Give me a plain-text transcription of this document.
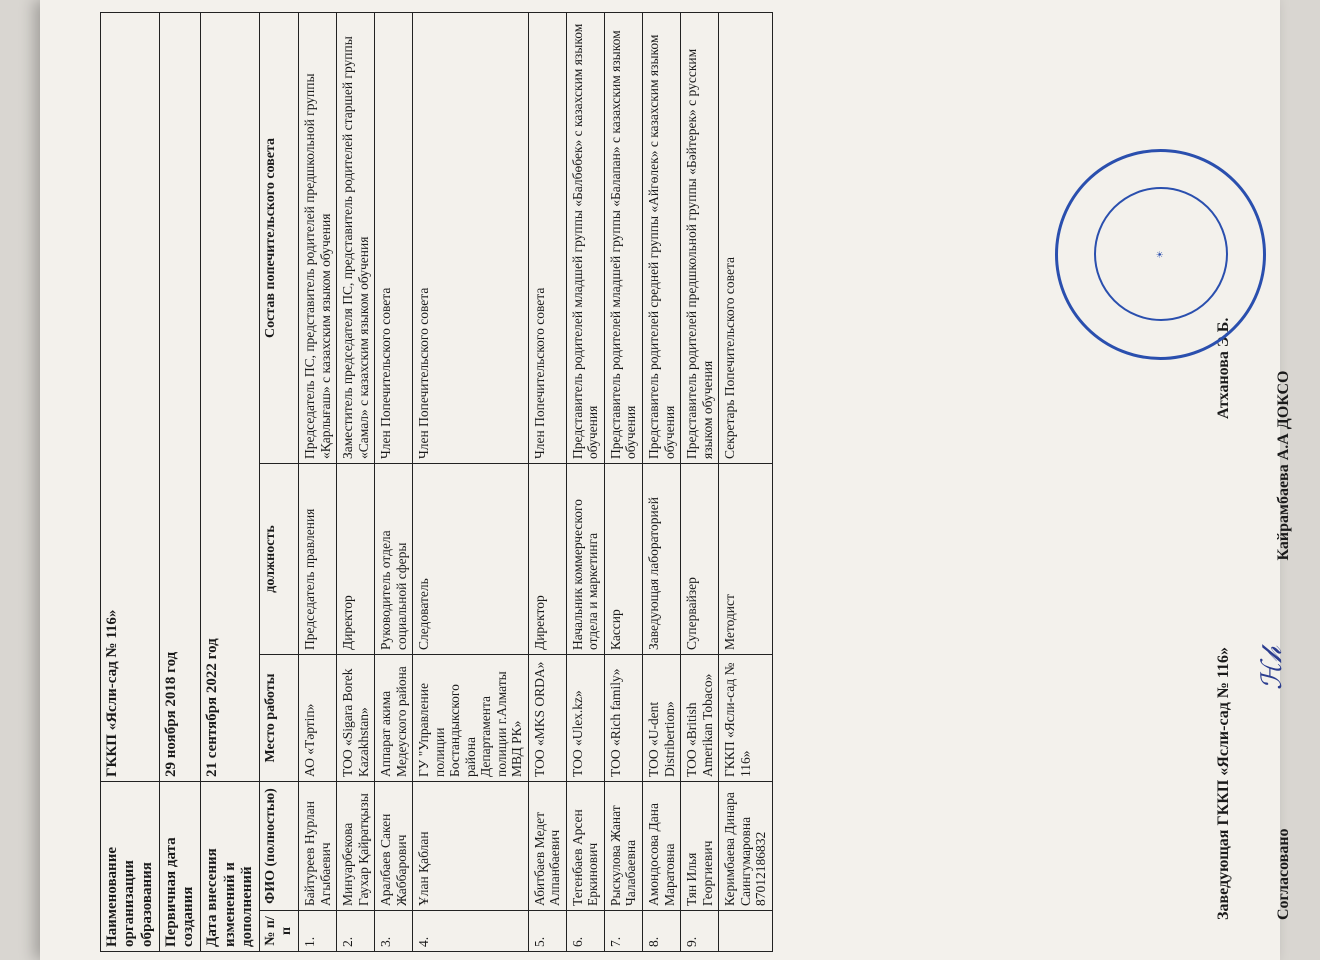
Наименование организации образования		ГККП «Ясли-сад № 116»		
Первичная дата создания		29 ноября 2018 год		
Дата внесения изменений и дополнений		21 сентября 2022 год		
№ п/п	ФИО (полностью)	Место работы	должность	Состав попечительского совета
1.	Байтуреев Нурлан Агыбаевич	АО «Тәртіп»	Председатель правления	Председатель ПС, представитель родителей предшкольной группы «Қарлығаш» с казахским языком обучения
2.	Минуарбекова Гаухар Қайратқызы	ТОО «Sigara Borek Kazakhstan»	Директор	Заместитель председателя ПС, представитель родителей старшей группы «Самал» с казахским языком обучения
3.	Аралбаев Сакен Жаббарович	Аппарат акима Медеуского района	Руководитель отдела социальной сферы	Член Попечительского совета
4.	Ұлан Қаблан	ГУ "Управление полиции Бостандыкского района Департамента полиции г.Алматы МВД РК»	Следователь	Член Попечительского совета
5.	Абитбаев Медет Алпанбаевич	ТОО «MKS ORDA»	Директор	Член Попечительского совета
6.	Тегенбаев Арсен Еркинович	ТОО «Ulex.kz»	Начальник коммерческого отдела и маркетинга	Представитель родителей младшей группы «Балбөбек» с казахским языком обучения
7.	Рыскулова Жанат Чалабаевна	ТОО «Rich family»	Кассир	Представитель родителей младшей группы «Балапан» с казахским языком обучения
8.	Амондосова Дана Маратовна	ТОО «U-dent Distribertion»	Заведующая лабораторией	Представитель родителей средней группы «Айгөлек» с казахским языком обучения
9.	Тян Илья Георгиевич	ТОО «British Amerikan Tobaco»	Супервайзер	Представитель родителей предшкольной группы «Бәйтерек» с русским языком обучения
	Керимбаева Динара Саингумаровна 87012186832	ГККП «Ясли-сад № 116»	Методист	Секретарь Попечительского совета
Заведующая ГККП «Ясли-сад № 116»  Атханова Э.Б.
Согласовано  Кайрамбаева А.А ДОКСО
ℋ𝒽
☀
